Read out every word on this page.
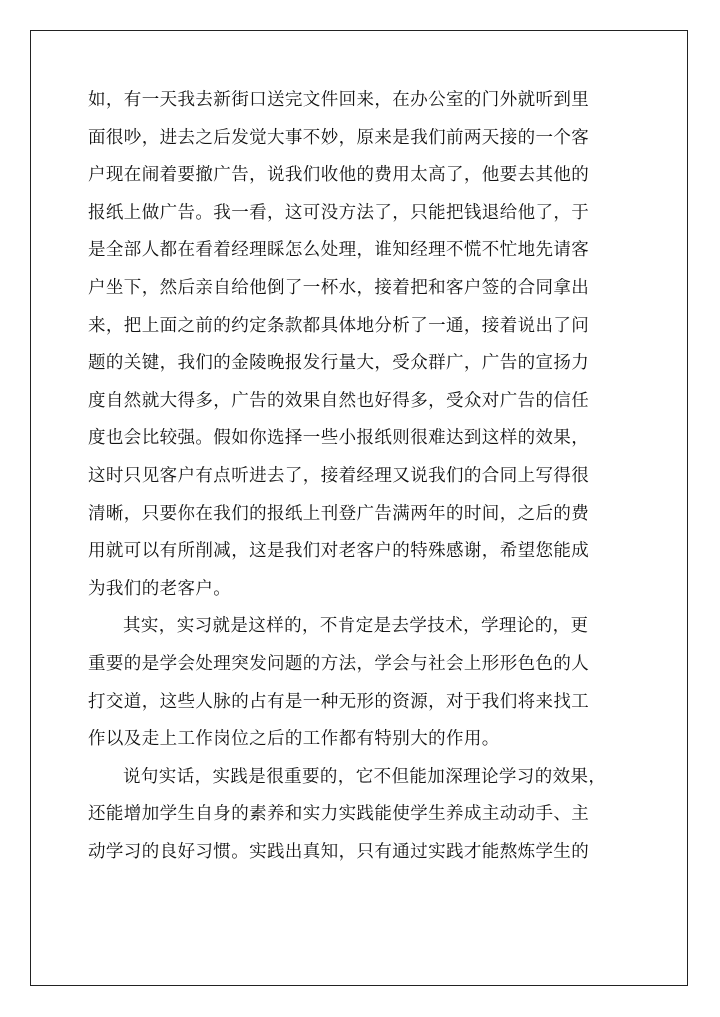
如，有一天我去新街口送完文件回来，在办公室的门外就听到里
面很吵，进去之后发觉大事不妙，原来是我们前两天接的一个客
户现在闹着要撤广告，说我们收他的费用太高了，他要去其他的
报纸上做广告。我一看，这可没方法了，只能把钱退给他了，于
是全部人都在看着经理睬怎么处理，谁知经理不慌不忙地先请客
户坐下，然后亲自给他倒了一杯水，接着把和客户签的合同拿出
来，把上面之前的约定条款都具体地分析了一通，接着说出了问
题的关键，我们的金陵晚报发行量大，受众群广，广告的宣扬力
度自然就大得多，广告的效果自然也好得多，受众对广告的信任
度也会比较强。假如你选择一些小报纸则很难达到这样的效果，
这时只见客户有点听进去了，接着经理又说我们的合同上写得很
清晰，只要你在我们的报纸上刊登广告满两年的时间，之后的费
用就可以有所削减，这是我们对老客户的特殊感谢，希望您能成
为我们的老客户。
其实，实习就是这样的，不肯定是去学技术，学理论的，更
重要的是学会处理突发问题的方法，学会与社会上形形色色的人
打交道，这些人脉的占有是一种无形的资源，对于我们将来找工
作以及走上工作岗位之后的工作都有特别大的作用。
说句实话，实践是很重要的，它不但能加深理论学习的效果，
还能增加学生自身的素养和实力实践能使学生养成主动动手、主
动学习的良好习惯。实践出真知，只有通过实践才能熬炼学生的
